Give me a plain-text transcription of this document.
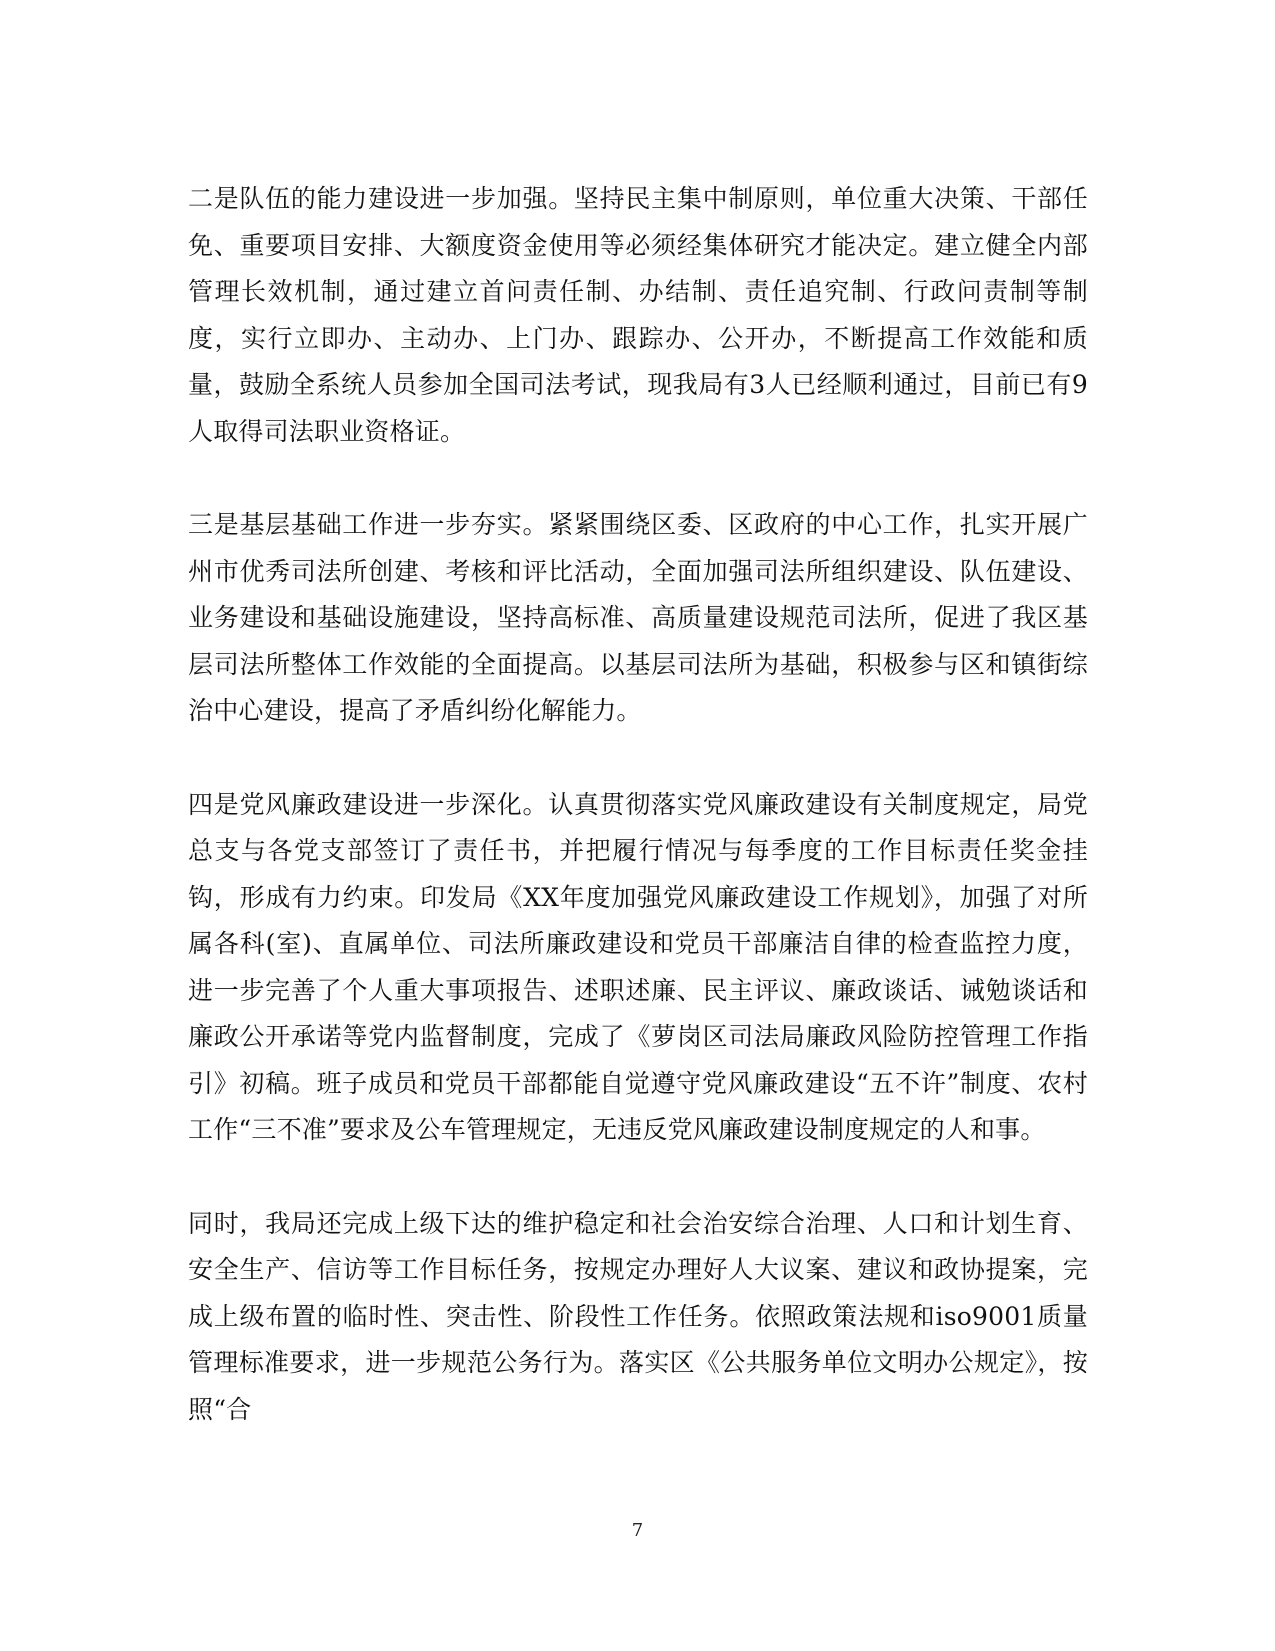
二是队伍的能力建设进一步加强。坚持民主集中制原则，单位重大决策、干部任免、重要项目安排、大额度资金使用等必须经集体研究才能决定。建立健全内部管理长效机制，通过建立首问责任制、办结制、责任追究制、行政问责制等制度，实行立即办、主动办、上门办、跟踪办、公开办，不断提高工作效能和质量，鼓励全系统人员参加全国司法考试，现我局有3人已经顺利通过，目前已有9人取得司法职业资格证。

三是基层基础工作进一步夯实。紧紧围绕区委、区政府的中心工作，扎实开展广州市优秀司法所创建、考核和评比活动，全面加强司法所组织建设、队伍建设、业务建设和基础设施建设，坚持高标准、高质量建设规范司法所，促进了我区基层司法所整体工作效能的全面提高。以基层司法所为基础，积极参与区和镇街综治中心建设，提高了矛盾纠纷化解能力。

四是党风廉政建设进一步深化。认真贯彻落实党风廉政建设有关制度规定，局党总支与各党支部签订了责任书，并把履行情况与每季度的工作目标责任奖金挂钩，形成有力约束。印发局《XX年度加强党风廉政建设工作规划》，加强了对所属各科(室)、直属单位、司法所廉政建设和党员干部廉洁自律的检查监控力度，进一步完善了个人重大事项报告、述职述廉、民主评议、廉政谈话、诫勉谈话和廉政公开承诺等党内监督制度，完成了《萝岗区司法局廉政风险防控管理工作指引》初稿。班子成员和党员干部都能自觉遵守党风廉政建设“五不许”制度、农村工作“三不准”要求及公车管理规定，无违反党风廉政建设制度规定的人和事。

同时，我局还完成上级下达的维护稳定和社会治安综合治理、人口和计划生育、安全生产、信访等工作目标任务，按规定办理好人大议案、建议和政协提案，完成上级布置的临时性、突击性、阶段性工作任务。依照政策法规和iso9001质量管理标准要求，进一步规范公务行为。落实区《公共服务单位文明办公规定》，按照“合

7
